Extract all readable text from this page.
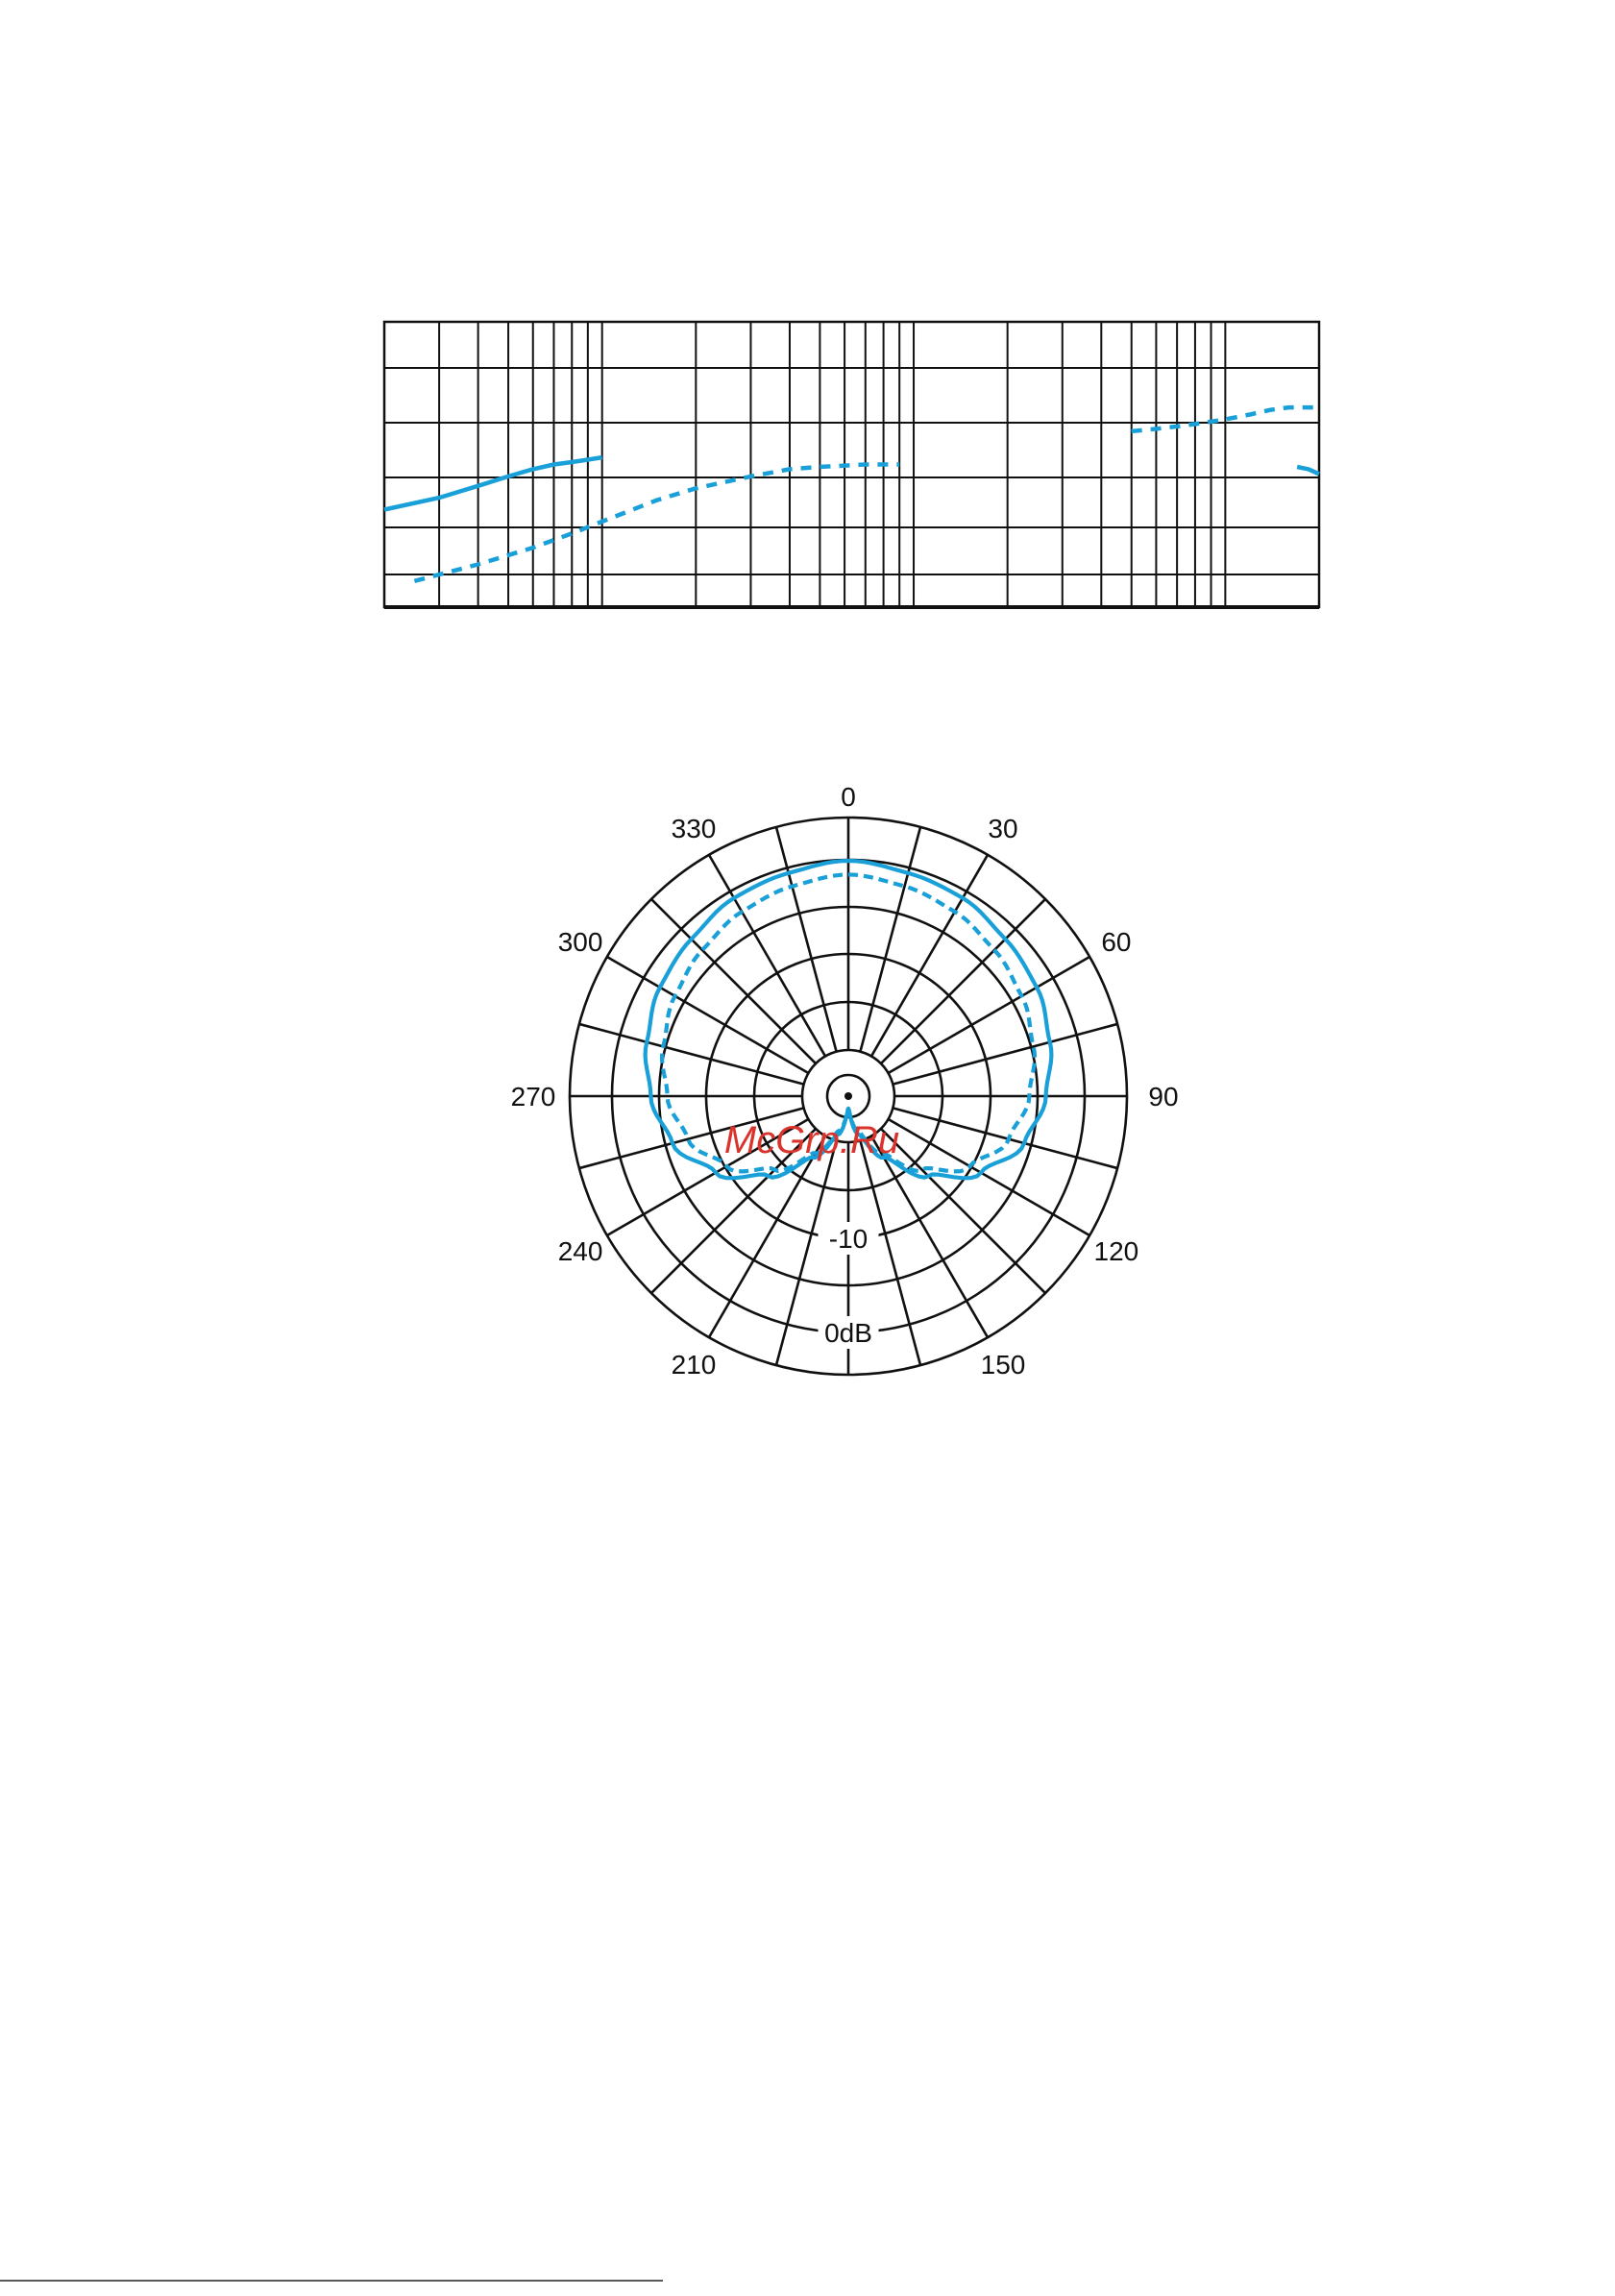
0
30
60
90
120
150
210
240
270
300
330
-10
0dB
McGrp.Ru
